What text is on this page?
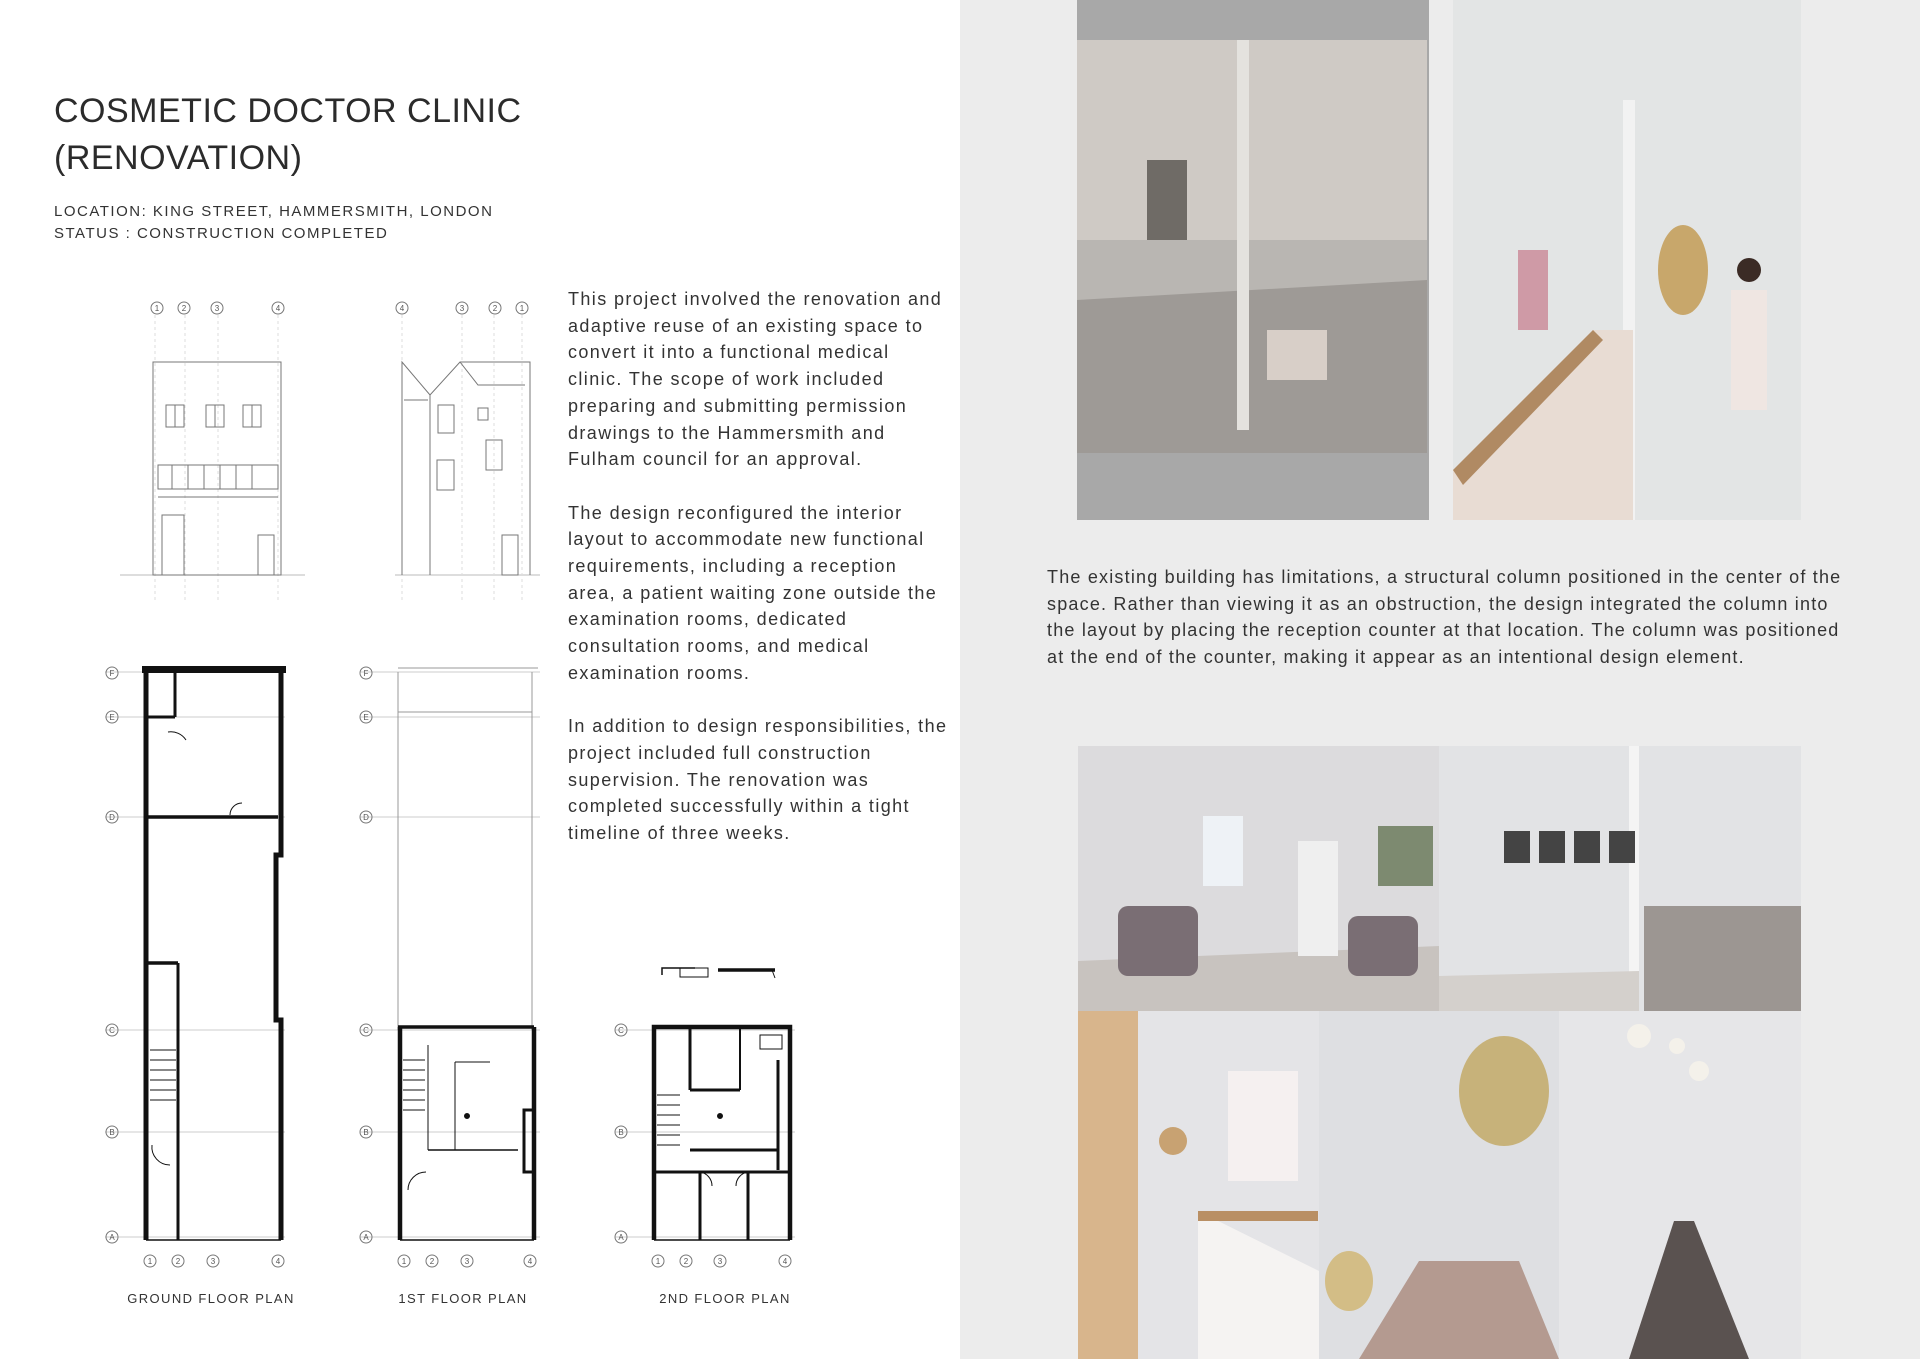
COSMETIC DOCTOR CLINIC
(RENOVATION)
LOCATION: KING STREET, HAMMERSMITH, LONDON
STATUS : CONSTRUCTION COMPLETED

This project involved the renovation and adaptive reuse of an existing space to convert it into a functional medical clinic. The scope of work included preparing and submitting permission drawings to the Hammersmith and Fulham council for an approval.

The design reconfigured the interior layout to accommodate new functional requirements, including a reception area, a patient waiting zone outside the examination rooms, dedicated consultation rooms, and medical examination rooms.

In addition to design responsibilities, the project included full construction supervision. The renovation was completed successfully within a tight timeline of three weeks.

The existing building has limitations, a structural column positioned in the center of the space. Rather than viewing it as an obstruction, the design integrated the column into the layout by placing the reception counter at that location. The column was positioned at the end of the counter, making it appear as an intentional design element.

1	2	3	4	4	3	2	1
F
E
D
C
B
A
1	2	3	4
F
E
D
C
B
A
1	2	3	4
C
B
A
1	2	3	4
GROUND FLOOR PLAN	1ST FLOOR PLAN	2ND FLOOR PLAN
